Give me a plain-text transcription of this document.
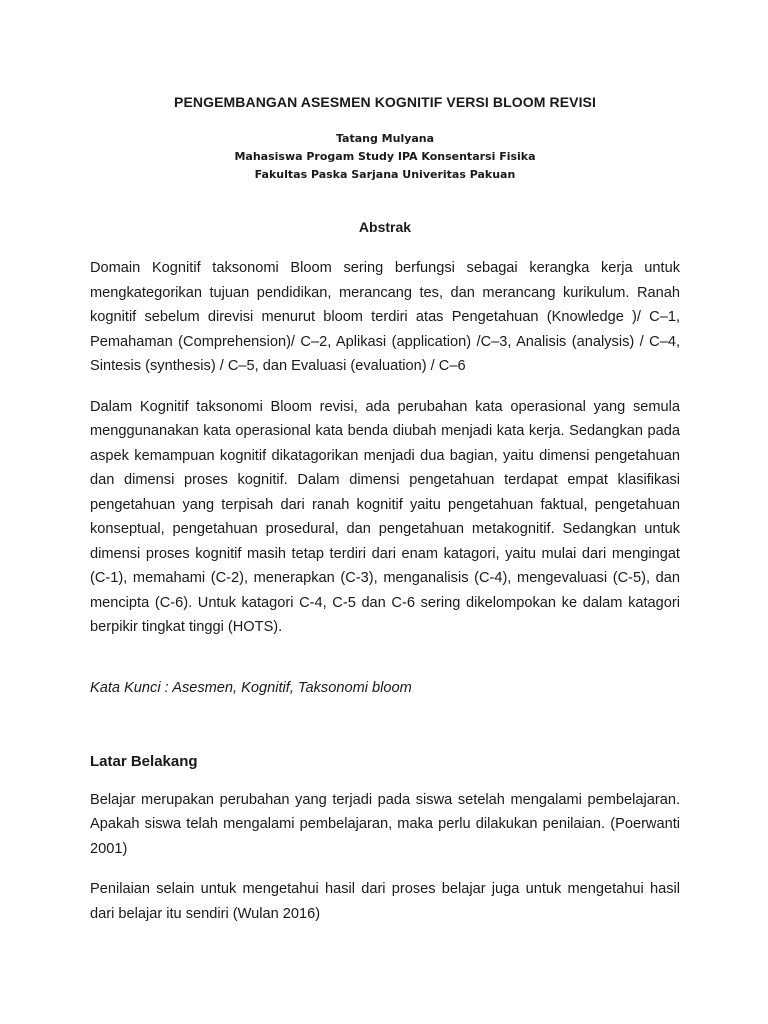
PENGEMBANGAN ASESMEN KOGNITIF VERSI BLOOM REVISI
Tatang Mulyana
Mahasiswa Progam Study IPA Konsentarsi Fisika
Fakultas Paska Sarjana Univeritas Pakuan
Abstrak

Domain Kognitif taksonomi Bloom sering berfungsi sebagai kerangka kerja untuk mengkategorikan tujuan pendidikan, merancang tes, dan merancang kurikulum. Ranah kognitif sebelum direvisi menurut bloom terdiri atas Pengetahuan (Knowledge )/ C–1, Pemahaman (Comprehension)/ C–2, Aplikasi (application) /C–3, Analisis (analysis) / C–4, Sintesis (synthesis) / C–5, dan Evaluasi (evaluation) / C–6

Dalam Kognitif taksonomi Bloom revisi, ada perubahan kata operasional yang semula menggunanakan kata operasional kata benda diubah menjadi kata kerja. Sedangkan pada aspek kemampuan kognitif dikatagorikan menjadi dua bagian, yaitu dimensi pengetahuan dan dimensi proses kognitif. Dalam dimensi pengetahuan terdapat empat klasifikasi pengetahuan yang terpisah dari ranah kognitif yaitu pengetahuan faktual, pengetahuan konseptual, pengetahuan prosedural, dan pengetahuan metakognitif. Sedangkan untuk dimensi proses kognitif masih tetap terdiri dari enam katagori, yaitu mulai dari mengingat (C-1), memahami (C-2), menerapkan (C-3), menganalisis (C-4), mengevaluasi (C-5), dan mencipta (C-6). Untuk katagori C-4, C-5 dan C-6 sering dikelompokan ke dalam katagori berpikir tingkat tinggi (HOTS).

Kata Kunci : Asesmen, Kognitif, Taksonomi bloom
Latar Belakang

Belajar merupakan perubahan yang terjadi pada siswa setelah mengalami pembelajaran. Apakah siswa telah mengalami pembelajaran, maka perlu dilakukan penilaian. (Poerwanti 2001)

Penilaian selain untuk mengetahui hasil dari proses belajar juga untuk mengetahui hasil dari belajar itu sendiri (Wulan 2016)
